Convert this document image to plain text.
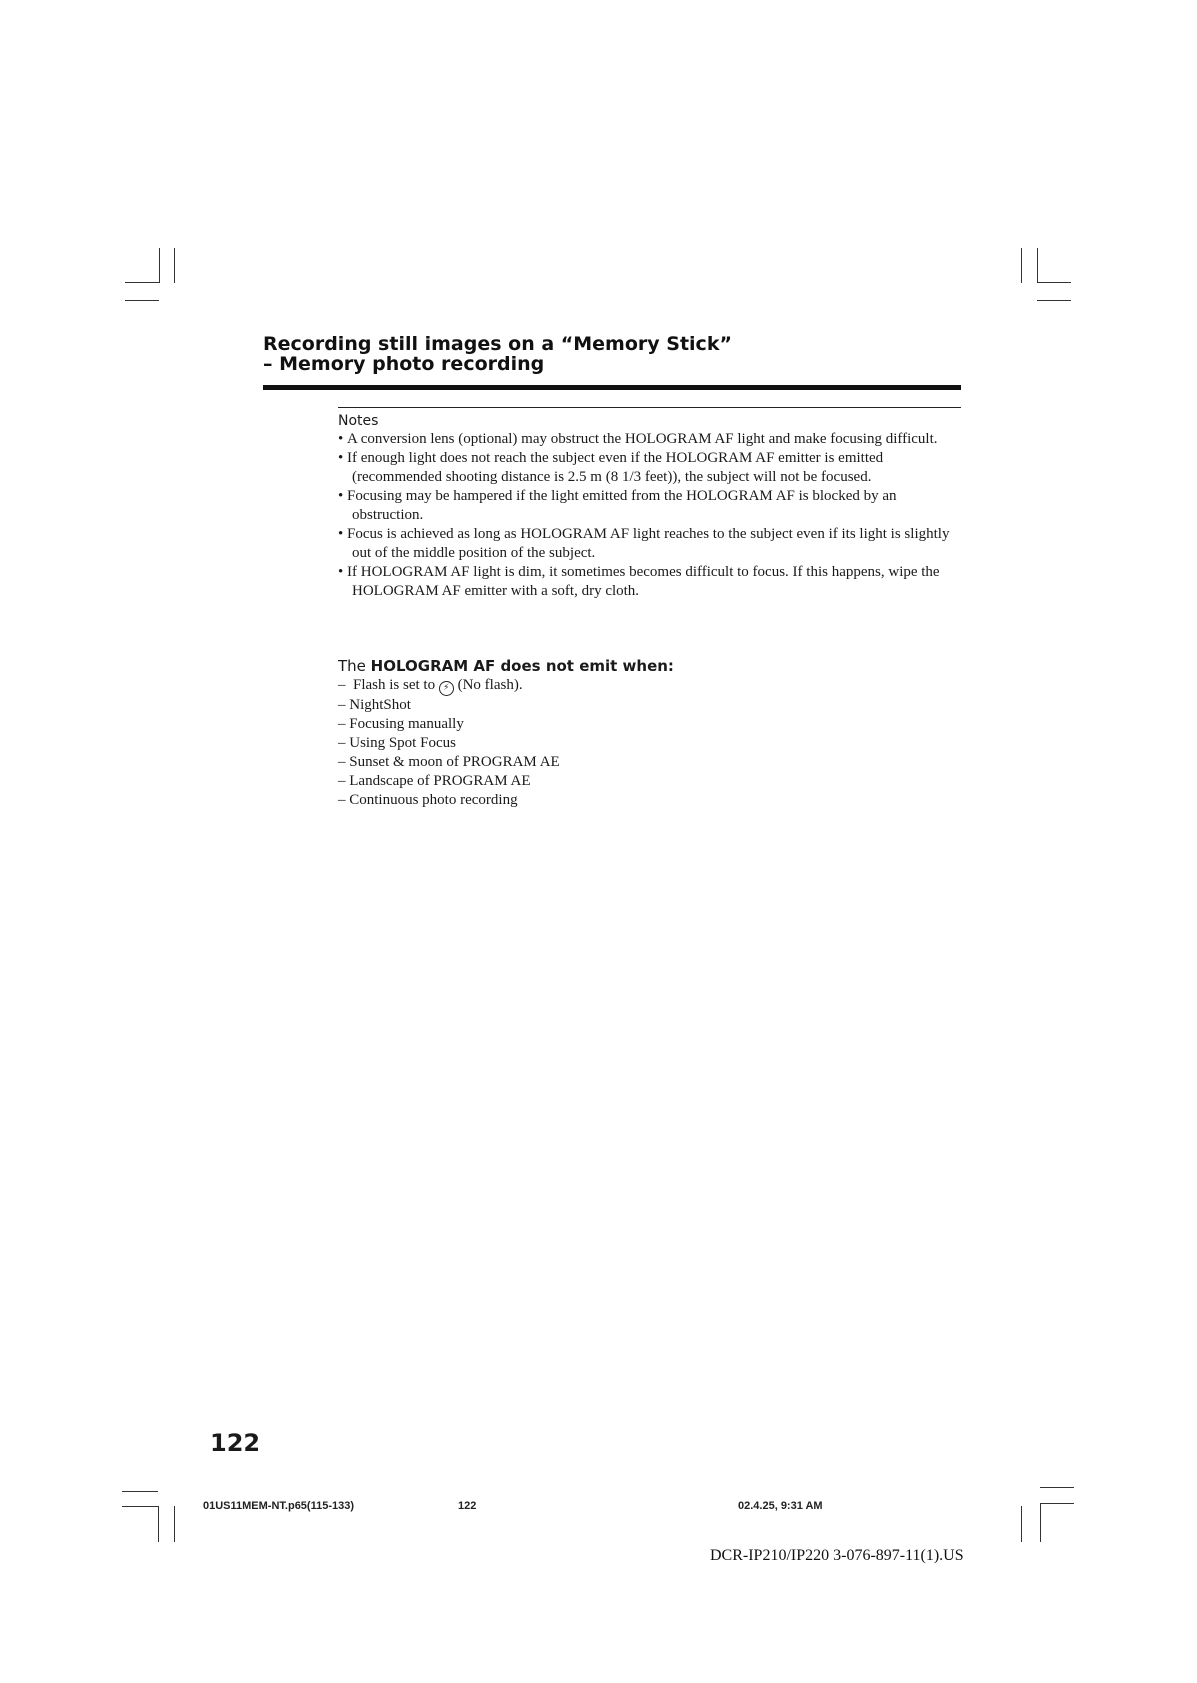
Recording still images on a “Memory Stick”
– Memory photo recording
Notes
• A conversion lens (optional) may obstruct the HOLOGRAM AF light and make focusing difficult.
• If enough light does not reach the subject even if the HOLOGRAM AF emitter is emitted (recommended shooting distance is 2.5 m (8 1/3 feet)), the subject will not be focused.
• Focusing may be hampered if the light emitted from the HOLOGRAM AF is blocked by an obstruction.
• Focus is achieved as long as HOLOGRAM AF light reaches to the subject even if its light is slightly out of the middle position of the subject.
• If HOLOGRAM AF light is dim, it sometimes becomes difficult to focus. If this happens, wipe the HOLOGRAM AF emitter with a soft, dry cloth.
The HOLOGRAM AF does not emit when:
– Flash is set to ⚡ (No flash).
– NightShot
– Focusing manually
– Using Spot Focus
– Sunset & moon of PROGRAM AE
– Landscape of PROGRAM AE
– Continuous photo recording
122
01US11MEM-NT.p65(115-133)	122	02.4.25, 9:31 AM
DCR-IP210/IP220 3-076-897-11(1).US
